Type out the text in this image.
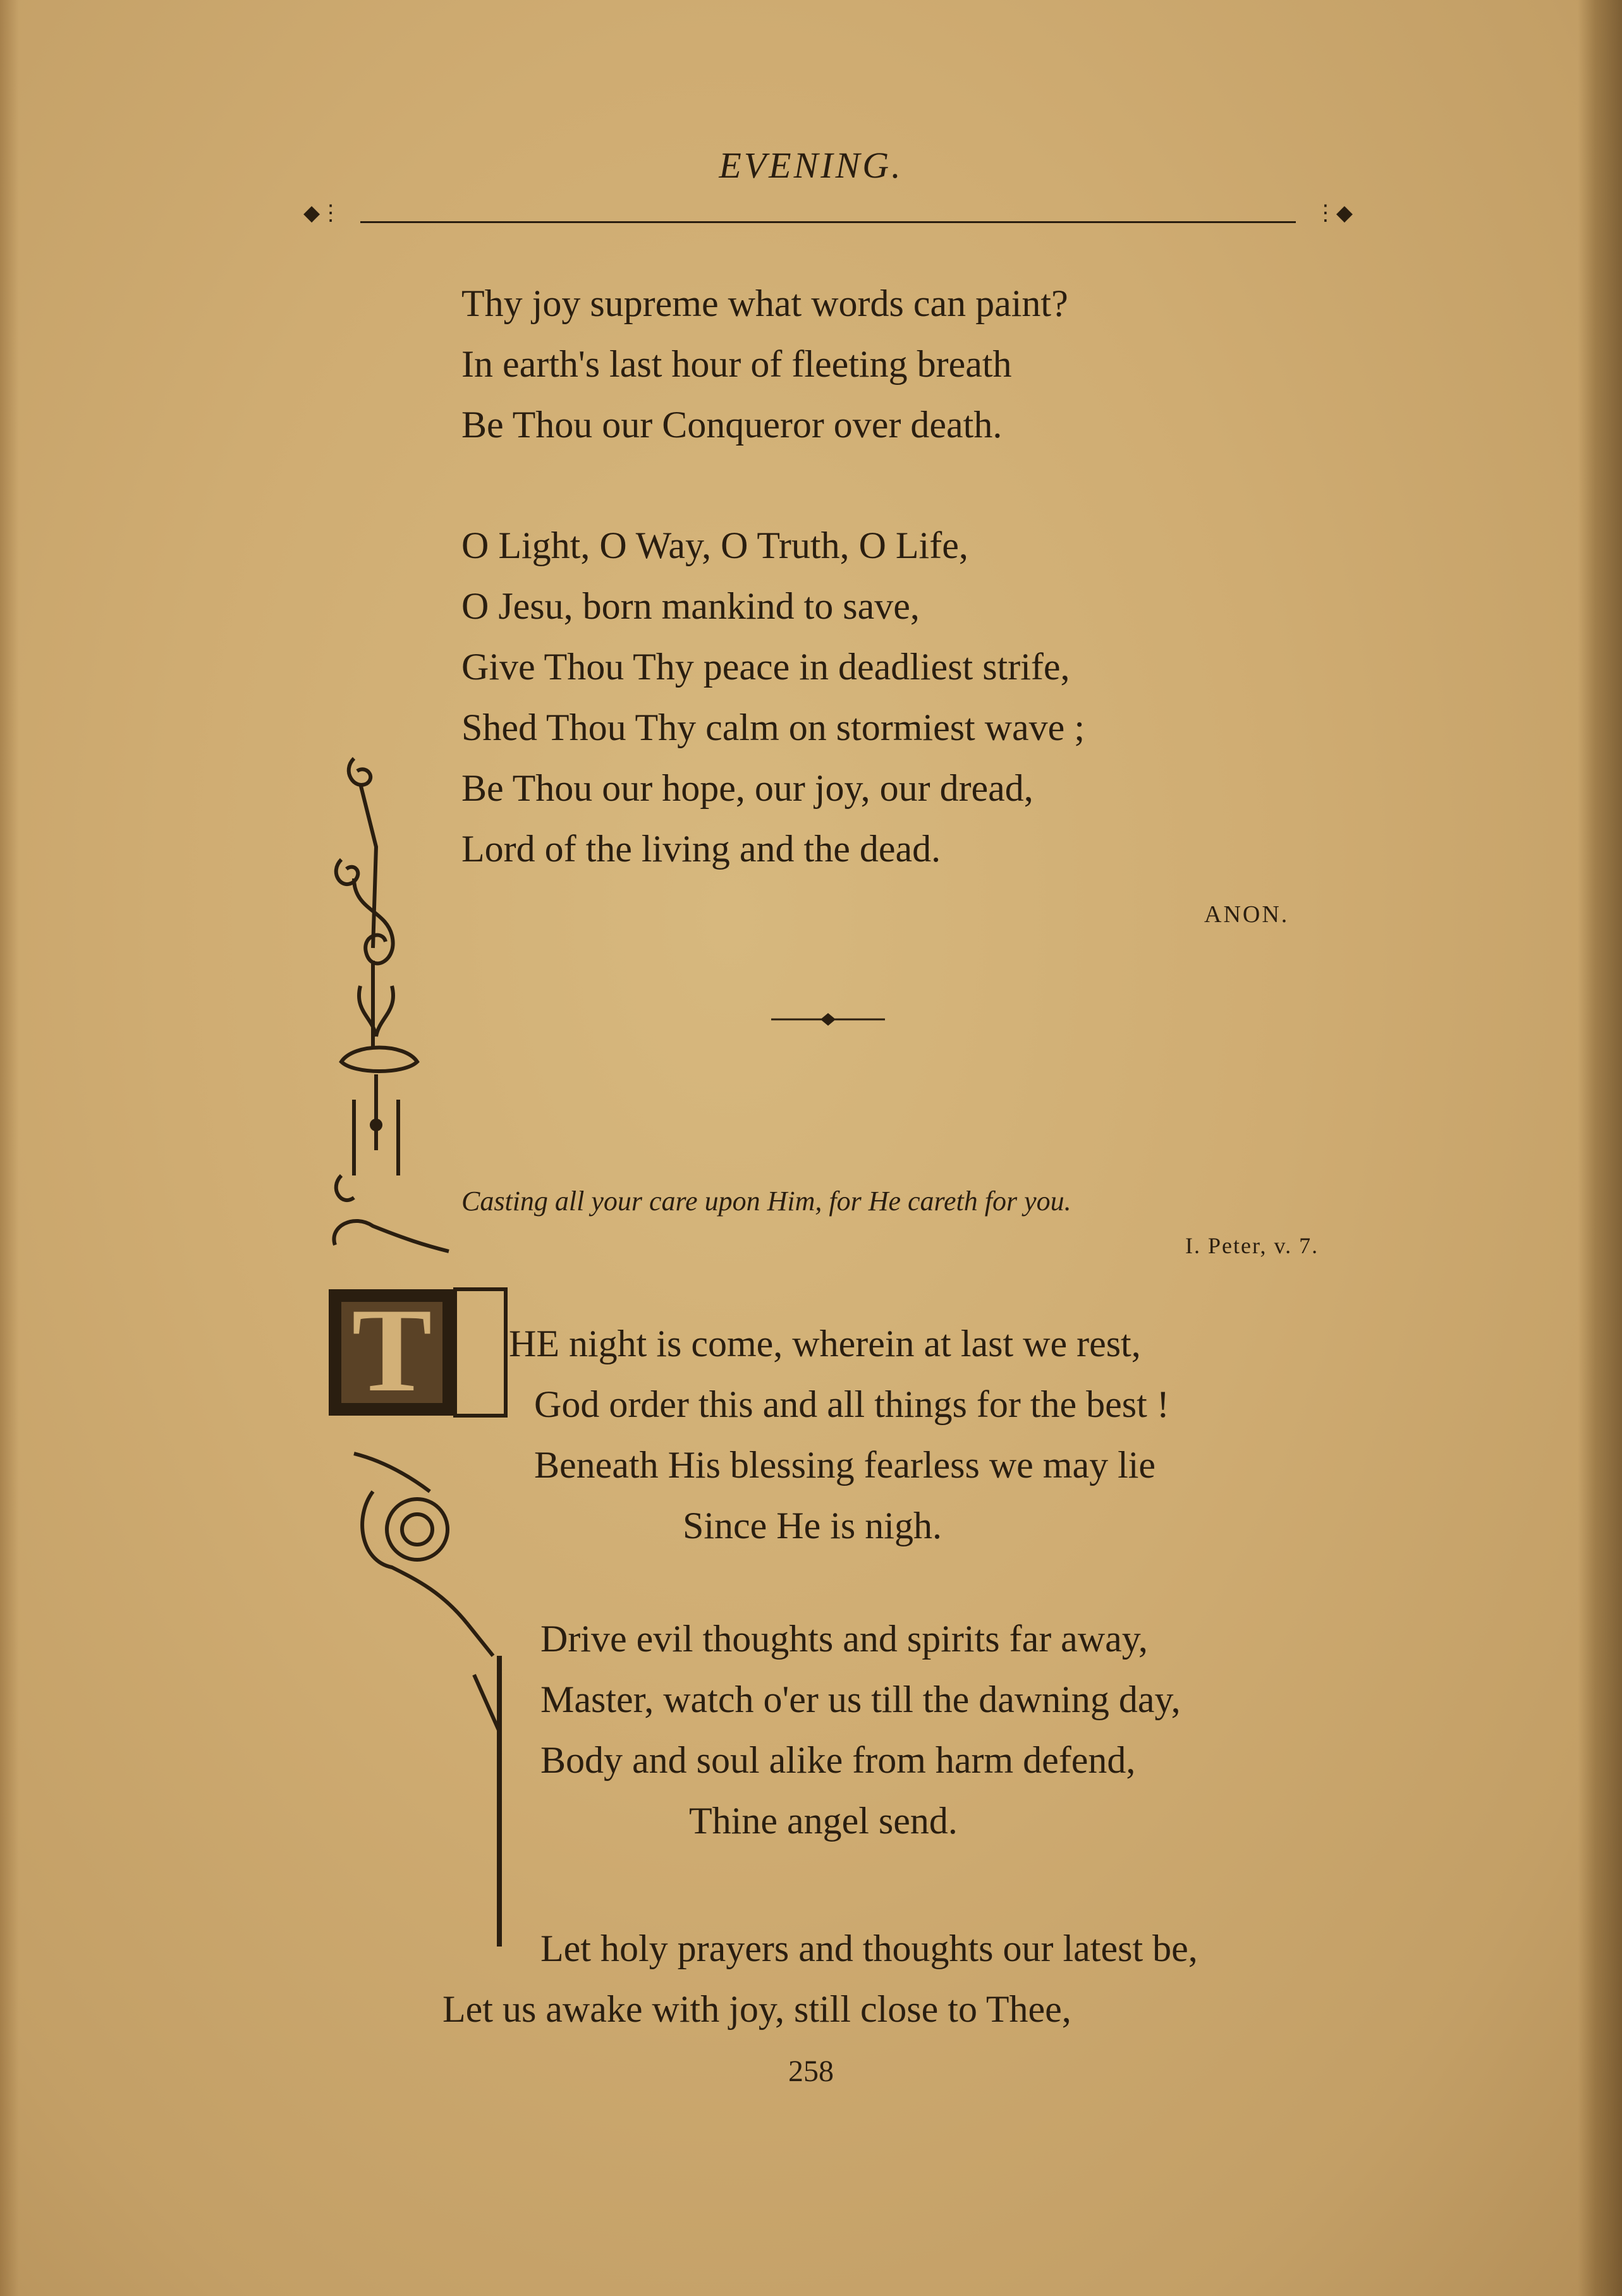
EVENING.
◆⋮	⋮◆
Thy joy supreme what words can paint?
In earth's last hour of fleeting breath
Be Thou our Conqueror over death.
O Light, O Way, O Truth, O Life,
O Jesu, born mankind to save,
Give Thou Thy peace in deadliest strife,
Shed Thou Thy calm on stormiest wave ;
Be Thou our hope, our joy, our dread,
Lord of the living and the dead.
ANON.
T
Casting all your care upon Him, for He careth for you.
I. Peter, v. 7.
HE night is come, wherein at last we rest,
God order this and all things for the best !
Beneath His blessing fearless we may lie
Since He is nigh.
Drive evil thoughts and spirits far away,
Master, watch o'er us till the dawning day,
Body and soul alike from harm defend,
Thine angel send.
Let holy prayers and thoughts our latest be,
Let us awake with joy, still close to Thee,
258
